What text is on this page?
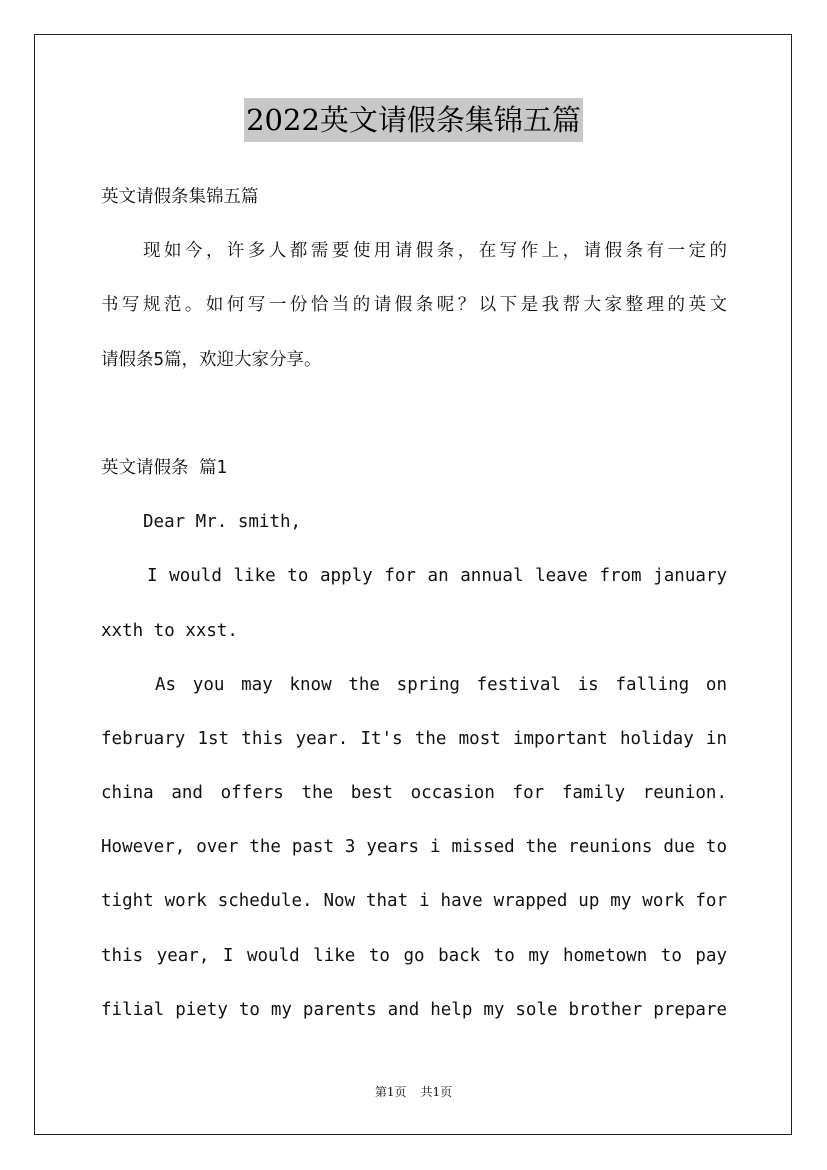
2022英文请假条集锦五篇
英文请假条集锦五篇
现如今，许多人都需要使用请假条，在写作上，请假条有一定的
书写规范。如何写一份恰当的请假条呢？以下是我帮大家整理的英文
请假条5篇，欢迎大家分享。
英文请假条 篇1
Dear Mr. smith,
I would like to apply for an annual leave from january
xxth to xxst.
As you may know the spring festival is falling on
february 1st this year. It's the most important holiday in
china and offers the best occasion for family reunion.
However, over the past 3 years i missed the reunions due to
tight work schedule. Now that i have wrapped up my work for
this year, I would like to go back to my hometown to pay
filial piety to my parents and help my sole brother prepare
第1页 共1页
